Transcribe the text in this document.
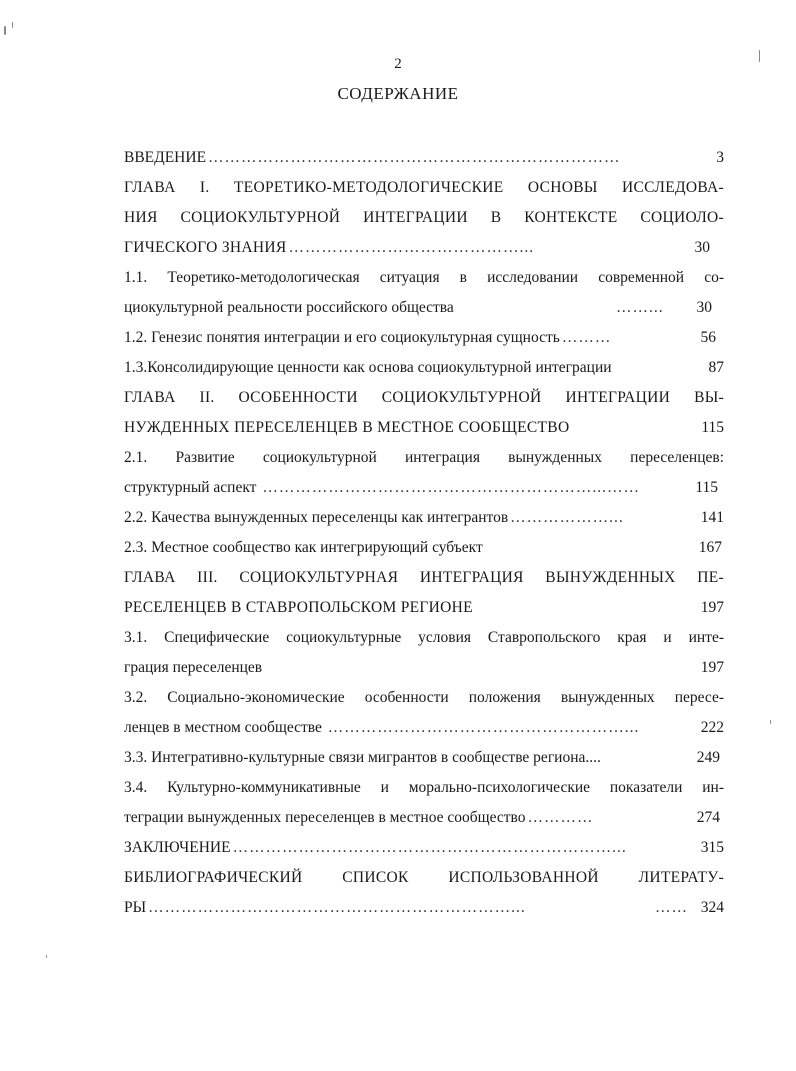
2
СОДЕРЖАНИЕ
ВВЕДЕНИЕ …………………………………………………………………	3
ГЛАВА I. ТЕОРЕТИКО-МЕТОДОЛОГИЧЕСКИЕ ОСНОВЫ ИССЛЕДОВА-
НИЯ СОЦИОКУЛЬТУРНОЙ ИНТЕГРАЦИИ В КОНТЕКСТЕ СОЦИОЛО-
ГИЧЕСКОГО ЗНАНИЯ ……………………………………...	30
1.1. Теоретико-методологическая ситуация в исследовании современной со-
циокультурной реальности российского общества	……... 30
1.2. Генезис понятия интеграции и его социокультурная сущность ………	56
1.3.Консолидирующие ценности как основа социокультурной интеграции	87
ГЛАВА II. ОСОБЕННОСТИ СОЦИОКУЛЬТУРНОЙ ИНТЕГРАЦИИ ВЫ-
НУЖДЕННЫХ ПЕРЕСЕЛЕНЦЕВ В МЕСТНОЕ СООБЩЕСТВО	115
2.1. Развитие социокультурной интеграция вынужденных переселенцев:
структурный аспект ……………………………………………………...……	115
2.2. Качества вынужденных переселенцы как интегрантов ………………...	141
2.3. Местное сообщество как интегрирующий субъект	167
ГЛАВА III. СОЦИОКУЛЬТУРНАЯ ИНТЕГРАЦИЯ ВЫНУЖДЕННЫХ ПЕ-
РЕСЕЛЕНЦЕВ В СТАВРОПОЛЬСКОМ РЕГИОНЕ	197
3.1. Специфические социокультурные условия Ставропольского края и инте-
грация переселенцев	197
3.2. Социально-экономические особенности положения вынужденных пересе-
ленцев в местном сообществе ………………………………………………...	222
3.3. Интегративно-культурные связи мигрантов в сообществе региона....	249
3.4. Культурно-коммуникативные и морально-психологические показатели ин-
теграции вынужденных переселенцев в местное сообщество …………	274
ЗАКЛЮЧЕНИЕ ……………………………………………………………...	315
БИБЛИОГРАФИЧЕСКИЙ СПИСОК ИСПОЛЬЗОВАННОЙ ЛИТЕРАТУ-
РЫ …………………………………………………………...	…… 324
